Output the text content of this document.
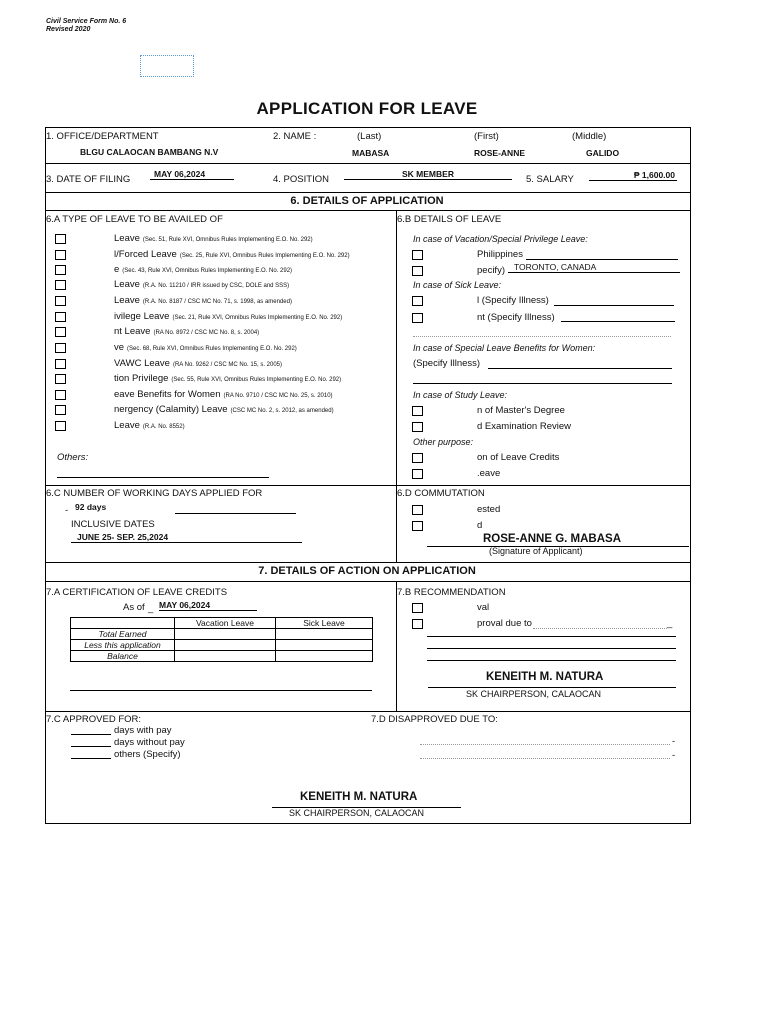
Civil Service Form No. 6
Revised 2020
APPLICATION FOR LEAVE
1. OFFICE/DEPARTMENT
BLGU CALAOCAN BAMBANG N.V
2. NAME :	(Last)	(First)	(Middle)
MABASA	ROSE-ANNE	GALIDO
3. DATE OF FILING	MAY 06,2024	4. POSITION	SK MEMBER	5. SALARY	₱ 1,600.00
6. DETAILS OF APPLICATION
6.A TYPE OF LEAVE TO BE AVAILED OF
Leave (Sec. 51, Rule XVI, Omnibus Rules Implementing E.O. No. 292)
l/Forced Leave (Sec. 25, Rule XVI, Omnibus Rules Implementing E.O. No. 292)
e (Sec. 43, Rule XVI, Omnibus Rules Implementing E.O. No. 292)
Leave (R.A. No. 11210 / IRR issued by CSC, DOLE and SSS)
Leave (R.A. No. 8187 / CSC MC No. 71, s. 1998, as amended)
ivilege Leave (Sec. 21, Rule XVI, Omnibus Rules Implementing E.O. No. 292)
nt Leave (RA No. 8972 / CSC MC No. 8, s. 2004)
ve (Sec. 68, Rule XVI, Omnibus Rules Implementing E.O. No. 292)
VAWC Leave (RA No. 9262 / CSC MC No. 15, s. 2005)
tion Privilege (Sec. 55, Rule XVI, Omnibus Rules Implementing E.O. No. 292)
eave Benefits for Women (RA No. 9710 / CSC MC No. 25, s. 2010)
nergency (Calamity) Leave (CSC MC No. 2, s. 2012, as amended)
Leave (R.A. No. 8552)
Others:
6.B DETAILS OF LEAVE
In case of Vacation/Special Privilege Leave:
Philippines
pecify)	TORONTO, CANADA
In case of Sick Leave:
l (Specify Illness)
nt (Specify Illness)
In case of Special Leave Benefits for Women:
(Specify Illness)
In case of Study Leave:
n of Master's Degree
d Examination Review
Other purpose:
on of Leave Credits
.eave
6.C NUMBER OF WORKING DAYS APPLIED FOR
- 92 days
INCLUSIVE DATES
JUNE 25- SEP. 25,2024
6.D COMMUTATION
ested
d
ROSE-ANNE G. MABASA
(Signature of Applicant)
7. DETAILS OF ACTION ON APPLICATION
7.A CERTIFICATION OF LEAVE CREDITS
As of _ MAY 06,2024
	Vacation Leave	Sick Leave
Total Earned		
Less this application		
Balance		
7.B RECOMMENDATION
val
proval due to	_
KENEITH M. NATURA
SK CHAIRPERSON, CALAOCAN
7.C APPROVED FOR:
days with pay
days without pay
others (Specify)
7.D DISAPPROVED DUE TO:
-
-
KENEITH M. NATURA
SK CHAIRPERSON, CALAOCAN
